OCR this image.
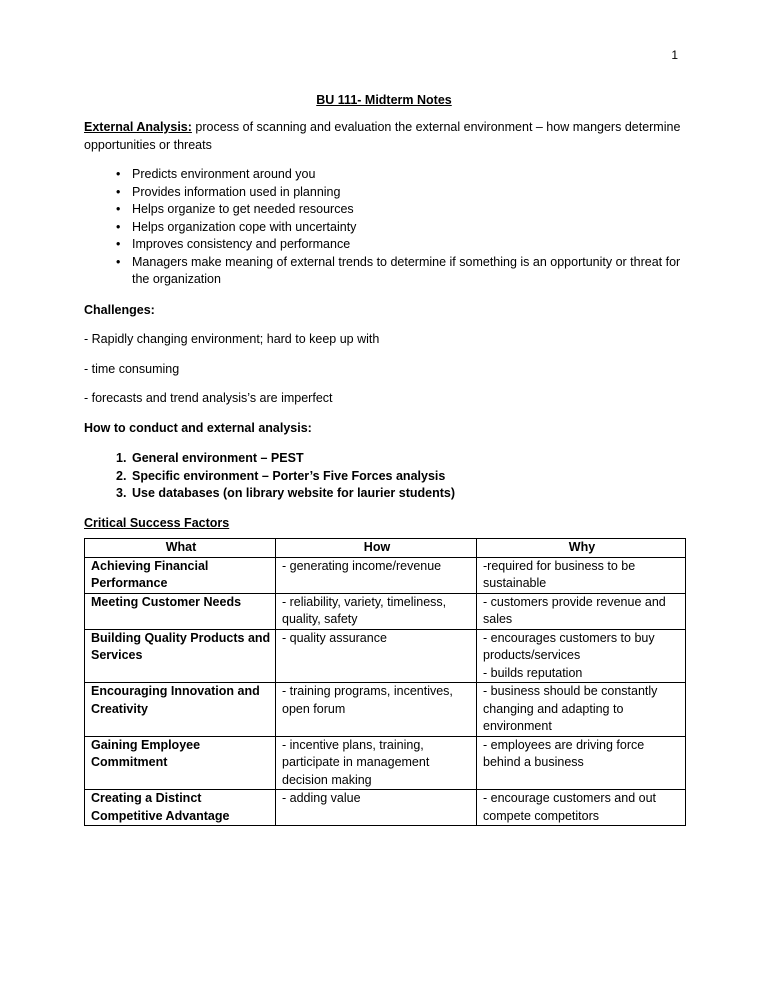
1
BU 111- Midterm Notes

External Analysis: process of scanning and evaluation the external environment – how mangers determine opportunities or threats

• Predicts environment around you
• Provides information used in planning
• Helps organize to get needed resources
• Helps organization cope with uncertainty
• Improves consistency and performance
• Managers make meaning of external trends to determine if something is an opportunity or threat for the organization

Challenges:

- Rapidly changing environment; hard to keep up with

- time consuming

- forecasts and trend analysis’s are imperfect

How to conduct and external analysis:

1. General environment – PEST
2. Specific environment – Porter’s Five Forces analysis
3. Use databases (on library website for laurier students)

Critical Success Factors

What	How	Why
Achieving Financial Performance	- generating income/revenue	-required for business to be sustainable
Meeting Customer Needs	- reliability, variety, timeliness, quality, safety	- customers provide revenue and sales
Building Quality Products and Services	- quality assurance	- encourages customers to buy products/services
- builds reputation

Encouraging Innovation and Creativity	- training programs, incentives, open forum	- business should be constantly changing and adapting to environment
Gaining Employee Commitment	- incentive plans, training, participate in management decision making	- employees are driving force behind a business
Creating a Distinct Competitive Advantage	- adding value	- encourage customers and out compete competitors
